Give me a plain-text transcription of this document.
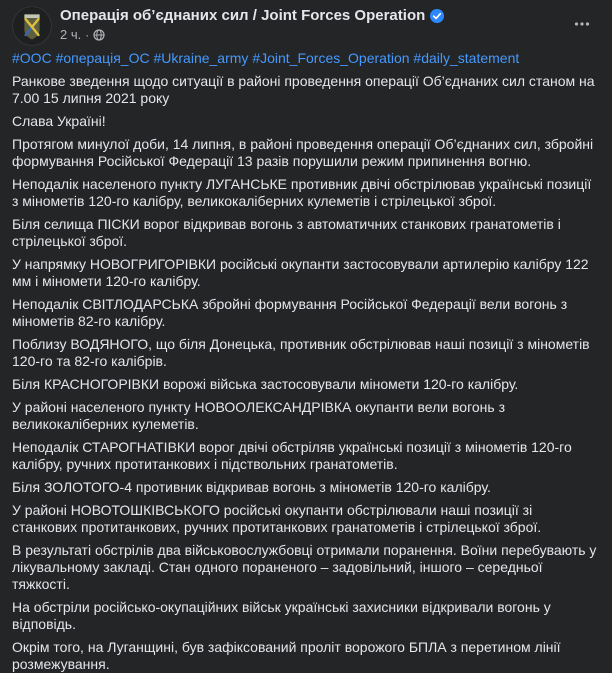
Операція об’єднаних сил / Joint Forces Operation
2 ч. ·

#ООС #операція_ОС #Ukraine_army #Joint_Forces_Operation #daily_statement

Ранкове зведення щодо ситуації в районі проведення операції Об’єднаних сил станом на 7.00 15 липня 2021 року

Слава Україні!

Протягом минулої доби, 14 липня, в районі проведення операції Об’єднаних сил, збройні формування Російської Федерації 13 разів порушили режим припинення вогню.

Неподалік населеного пункту ЛУГАНСЬКЕ противник двічі обстрілював українські позиції з мінометів 120-го калібру, великокаліберних кулеметів і стрілецької зброї.

Біля селища ПІСКИ ворог відкривав вогонь з автоматичних станкових гранатометів і стрілецької зброї.

У напрямку НОВОГРИГОРІВКИ російські окупанти застосовували артилерію калібру 122 мм і міномети 120-го калібру.

Неподалік СВІТЛОДАРСЬКА збройні формування Російської Федерації вели вогонь з мінометів 82-го калібру.

Поблизу ВОДЯНОГО, що біля Донецька, противник обстрілював наші позиції з мінометів 120-го та 82-го калібрів.

Біля КРАСНОГОРІВКИ ворожі війська застосовували міномети 120-го калібру.

У районі населеного пункту НОВООЛЕКСАНДРІВКА окупанти вели вогонь з великокаліберних кулеметів.

Неподалік СТАРОГНАТІВКИ ворог двічі обстріляв українські позиції з мінометів 120-го калібру, ручних протитанкових і підствольних гранатометів.

Біля ЗОЛОТОГО-4 противник відкривав вогонь з мінометів 120-го калібру.

У районі НОВОТОШКІВСЬКОГО російські окупанти обстрілювали наші позиції зі станкових протитанкових, ручних протитанкових гранатометів і стрілецької зброї.

В результаті обстрілів два військовослужбовці отримали поранення. Воїни перебувають у лікувальному закладі. Стан одного пораненого – задовільний, іншого – середньої тяжкості.

На обстріли російсько-окупаційних військ українські захисники відкривали вогонь у відповідь.

Окрім того, на Луганщині, був зафіксований проліт ворожого БПЛА з перетином лінії розмежування.
